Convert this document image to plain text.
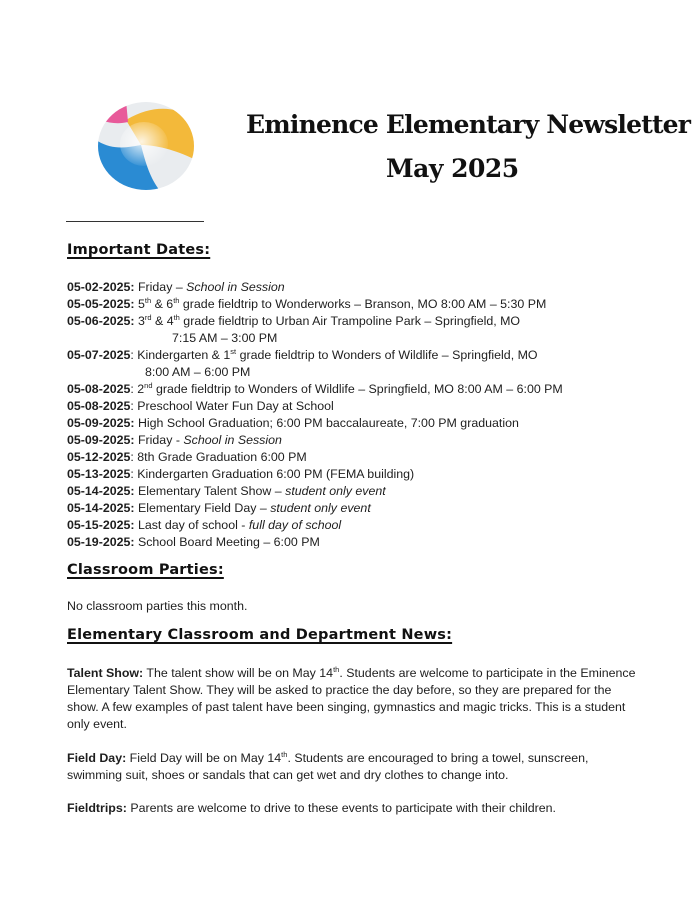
Eminence Elementary Newsletter
May 2025
Important Dates:
05-02-2025: Friday – School in Session
05-05-2025: 5th & 6th grade fieldtrip to Wonderworks – Branson, MO 8:00 AM – 5:30 PM
05-06-2025: 3rd & 4th grade fieldtrip to Urban Air Trampoline Park – Springfield, MO
7:15 AM – 3:00 PM
05-07-2025: Kindergarten & 1st grade fieldtrip to Wonders of Wildlife – Springfield, MO
8:00 AM – 6:00 PM
05-08-2025: 2nd grade fieldtrip to Wonders of Wildlife – Springfield, MO 8:00 AM – 6:00 PM
05-08-2025: Preschool Water Fun Day at School
05-09-2025: High School Graduation; 6:00 PM baccalaureate, 7:00 PM graduation
05-09-2025: Friday - School in Session
05-12-2025: 8th Grade Graduation 6:00 PM
05-13-2025: Kindergarten Graduation 6:00 PM (FEMA building)
05-14-2025: Elementary Talent Show – student only event
05-14-2025: Elementary Field Day – student only event
05-15-2025: Last day of school - full day of school
05-19-2025: School Board Meeting – 6:00 PM
Classroom Parties:
No classroom parties this month.
Elementary Classroom and Department News:
Talent Show: The talent show will be on May 14th. Students are welcome to participate in the Eminence Elementary Talent Show. They will be asked to practice the day before, so they are prepared for the show. A few examples of past talent have been singing, gymnastics and magic tricks. This is a student only event.
Field Day: Field Day will be on May 14th. Students are encouraged to bring a towel, sunscreen, swimming suit, shoes or sandals that can get wet and dry clothes to change into.
Fieldtrips: Parents are welcome to drive to these events to participate with their children.
